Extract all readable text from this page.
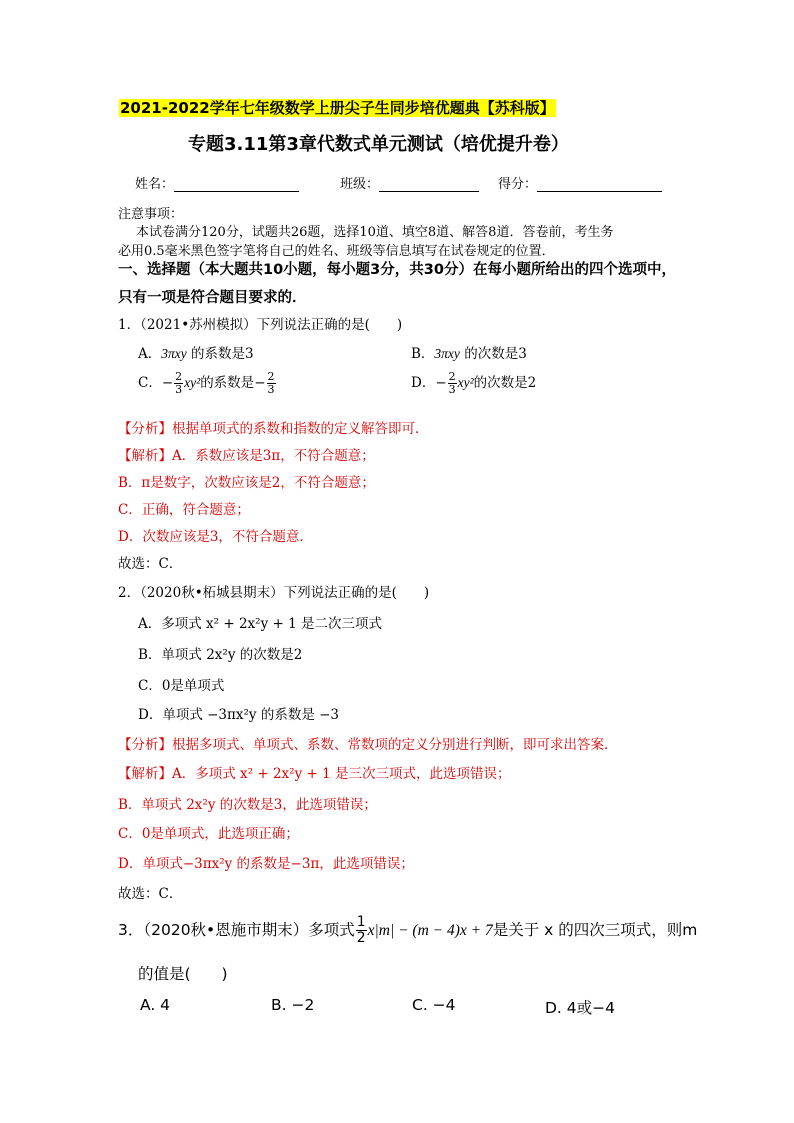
2021-2022学年七年级数学上册尖子生同步培优题典【苏科版】
专题3.11第3章代数式单元测试（培优提升卷）
姓名：	班级：	得分：
注意事项：
本试卷满分120分，试题共26题，选择10道、填空8道、解答8道．答卷前，考生务
必用0.5毫米黑色签字笔将自己的姓名、班级等信息填写在试卷规定的位置．
一、选择题（本大题共10小题，每小题3分，共30分）在每小题所给出的四个选项中，
只有一项是符合题目要求的．
1．（2021•苏州模拟）下列说法正确的是(　　)
A．3πxy 的系数是3	B．3πxy 的次数是3
C．− $\frac{2}{3} xy^2$的系数是− $\frac{2}{3}$	D．− $\frac{2}{3} xy^2$的次数是2
【分析】根据单项式的系数和指数的定义解答即可．
【解析】A．系数应该是3π，不符合题意；
B．π是数字，次数应该是2，不符合题意；
C．正确，符合题意；
D．次数应该是3，不符合题意．
故选：C．
2．（2020秋•柘城县期末）下列说法正确的是(　　)
A．多项式 x² + 2x²y + 1 是二次三项式
B．单项式 2x²y 的次数是2
C．0是单项式
D．单项式 −3πx²y 的系数是 −3
【分析】根据多项式、单项式、系数、常数项的定义分别进行判断，即可求出答案．
【解析】A．多项式 x² + 2x²y + 1 是三次三项式，此选项错误；
B．单项式 2x²y 的次数是3，此选项错误；
C．0是单项式，此选项正确；
D．单项式−3πx²y 的系数是−3π，此选项错误；
故选：C．
3．（2020秋•恩施市期末）多项式 $\frac{1}{2} x|m| - (m - 4)x + 7$是关于 x 的四次三项式，则m
的值是(　　)
A. 4	B. −2	C. −4	D. 4或−4
